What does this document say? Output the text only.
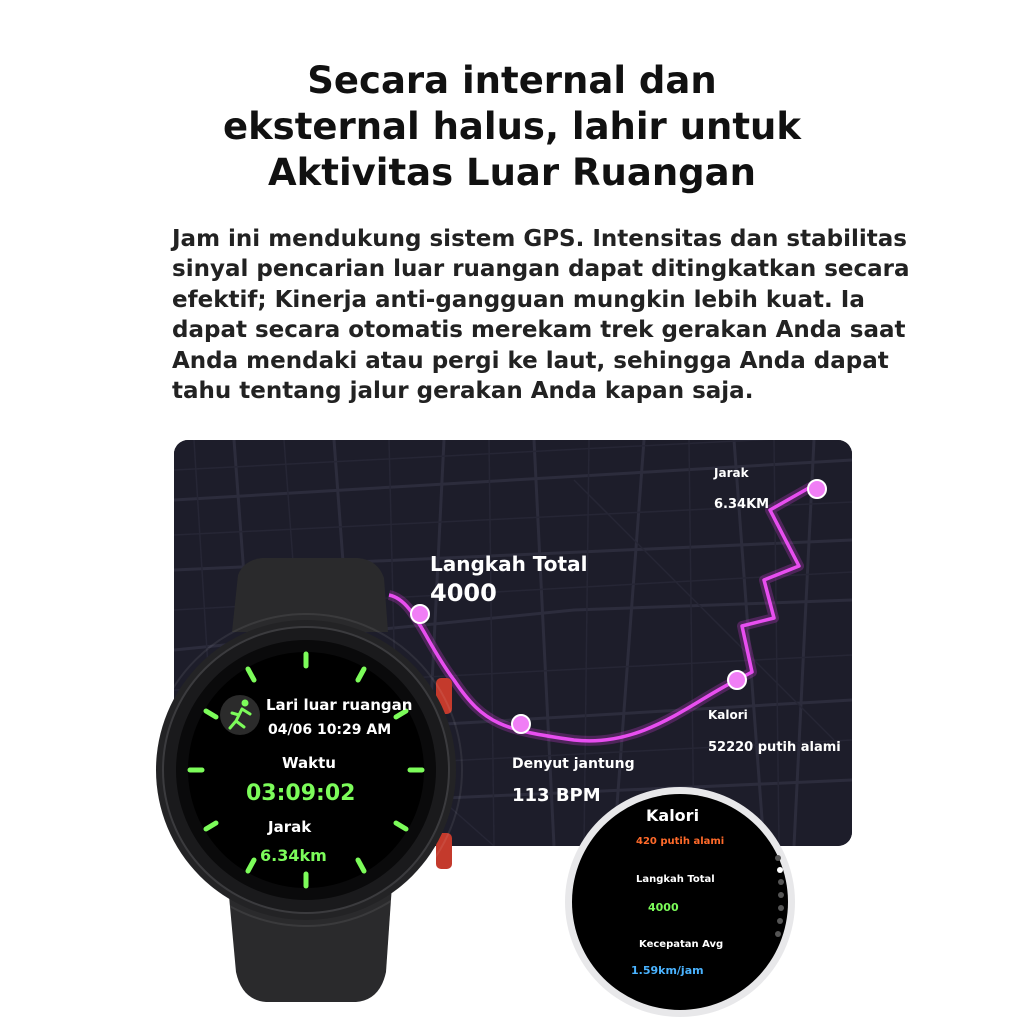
Secara internal dan
eksternal halus, lahir untuk
Aktivitas Luar Ruangan

Jam ini mendukung sistem GPS. Intensitas dan stabilitas
sinyal pencarian luar ruangan dapat ditingkatkan secara
efektif; Kinerja anti-gangguan mungkin lebih kuat. Ia
dapat secara otomatis merekam trek gerakan Anda saat
Anda mendaki atau pergi ke laut, sehingga Anda dapat
tahu tentang jalur gerakan Anda kapan saja.

Langkah Total
4000
Jarak
6.34KM
Kalori
52220 putih alami
Denyut jantung
113 BPM
Lari luar ruangan
04/06 10:29 AM
Waktu
03:09:02
Jarak
6.34km
Kalori
420 putih alami
Langkah Total
4000
Kecepatan Avg
1.59km/jam
